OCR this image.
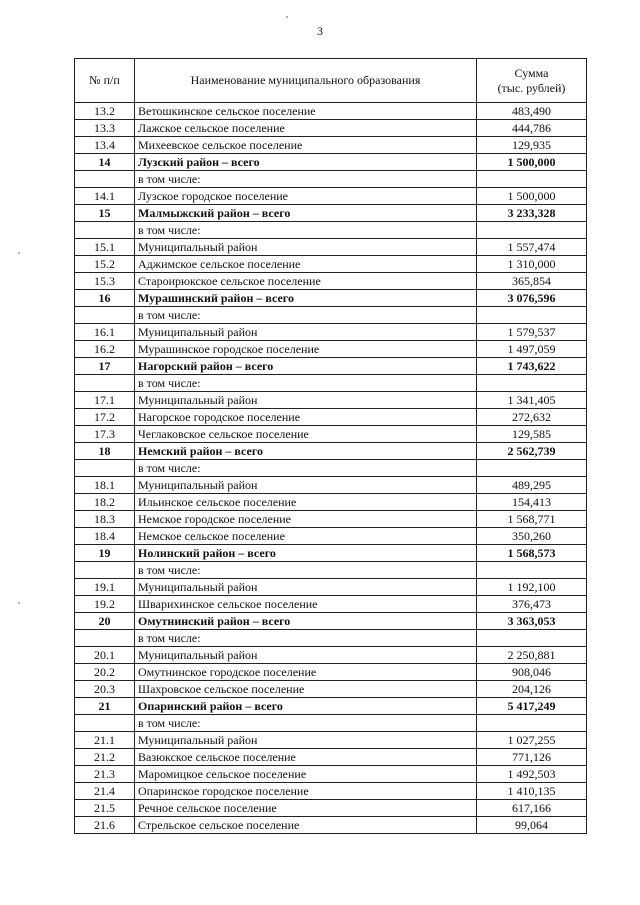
3
№ п/п	Наименование муниципального образования	Сумма
(тыс. рублей)

13.2	Ветошкинское сельское поселение	483,490
13.3	Лажское сельское поселение	444,786
13.4	Михеевское сельское поселение	129,935
14	Лузский район – всего	1 500,000
	в том числе:	
14.1	Лузское городское поселение	1 500,000
15	Малмыжский район – всего	3 233,328
	в том числе:	
15.1	Муниципальный район	1 557,474
15.2	Аджимское сельское поселение	1 310,000
15.3	Староирюкское сельское поселение	365,854
16	Мурашинский район – всего	3 076,596
	в том числе:	
16.1	Муниципальный район	1 579,537
16.2	Мурашинское городское поселение	1 497,059
17	Нагорский район – всего	1 743,622
	в том числе:	
17.1	Муниципальный район	1 341,405
17.2	Нагорское городское поселение	272,632
17.3	Чеглаковское сельское поселение	129,585
18	Немский район – всего	2 562,739
	в том числе:	
18.1	Муниципальный район	489,295
18.2	Ильинское сельское поселение	154,413
18.3	Немское городское поселение	1 568,771
18.4	Немское сельское поселение	350,260
19	Нолинский район – всего	1 568,573
	в том числе:	
19.1	Муниципальный район	1 192,100
19.2	Шварихинское сельское поселение	376,473
20	Омутнинский район – всего	3 363,053
	в том числе:	
20.1	Муниципальный район	2 250,881
20.2	Омутнинское городское поселение	908,046
20.3	Шахровское сельское поселение	204,126
21	Опаринский район – всего	5 417,249
	в том числе:	
21.1	Муниципальный район	1 027,255
21.2	Вазюкское сельское поселение	771,126
21.3	Маромицкое сельское поселение	1 492,503
21.4	Опаринское городское поселение	1 410,135
21.5	Речное сельское поселение	617,166
21.6	Стрельское сельское поселение	99,064
